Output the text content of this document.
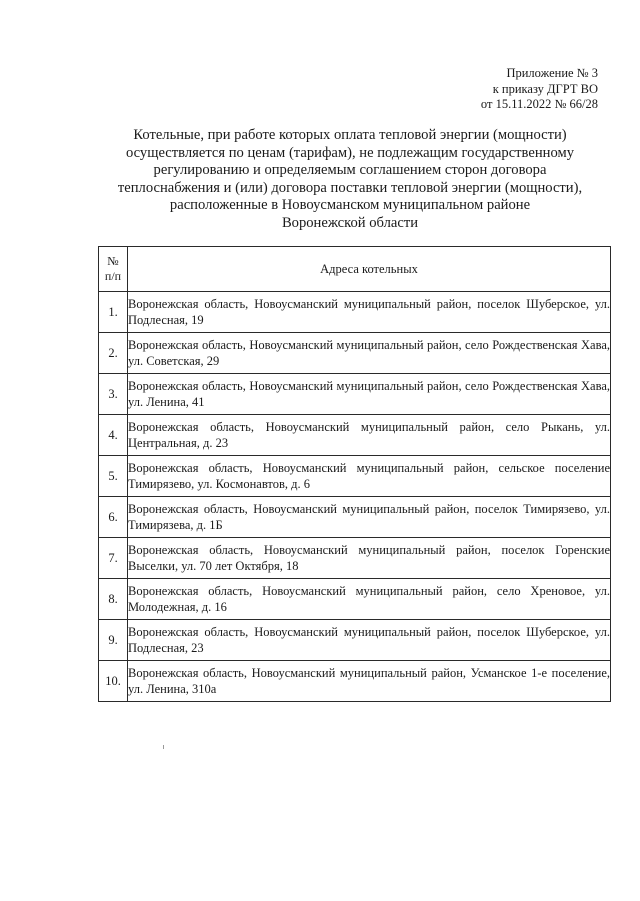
Приложение № 3
к приказу ДГРТ ВО
от 15.11.2022 № 66/28
Котельные, при работе которых оплата тепловой энергии (мощности)
осуществляется по ценам (тарифам), не подлежащим государственному
регулированию и определяемым соглашением сторон договора
теплоснабжения и (или) договора поставки тепловой энергии (мощности),
расположенные в Новоусманском муниципальном районе
Воронежской области
№
п/п	Адреса котельных
1.	Воронежская область, Новоусманский муниципальный район, поселок Шуберское, ул. Подлесная, 19
2.	Воронежская область, Новоусманский муниципальный район, село Рождественская Хава, ул. Советская, 29
3.	Воронежская область, Новоусманский муниципальный район, село Рождественская Хава, ул. Ленина, 41
4.	Воронежская область, Новоусманский муниципальный район, село Рыкань, ул. Центральная, д. 23
5.	Воронежская область, Новоусманский муниципальный район, сельское поселение Тимирязево, ул. Космонавтов, д. 6
6.	Воронежская область, Новоусманский муниципальный район, поселок Тимирязево, ул. Тимирязева, д. 1Б
7.	Воронежская область, Новоусманский муниципальный район, поселок Горенские Выселки, ул. 70 лет Октября, 18
8.	Воронежская область, Новоусманский муниципальный район, село Хреновое, ул. Молодежная, д. 16
9.	Воронежская область, Новоусманский муниципальный район, поселок Шуберское, ул. Подлесная, 23
10.	Воронежская область, Новоусманский муниципальный район, Усманское 1-е поселение, ул. Ленина, 310а
